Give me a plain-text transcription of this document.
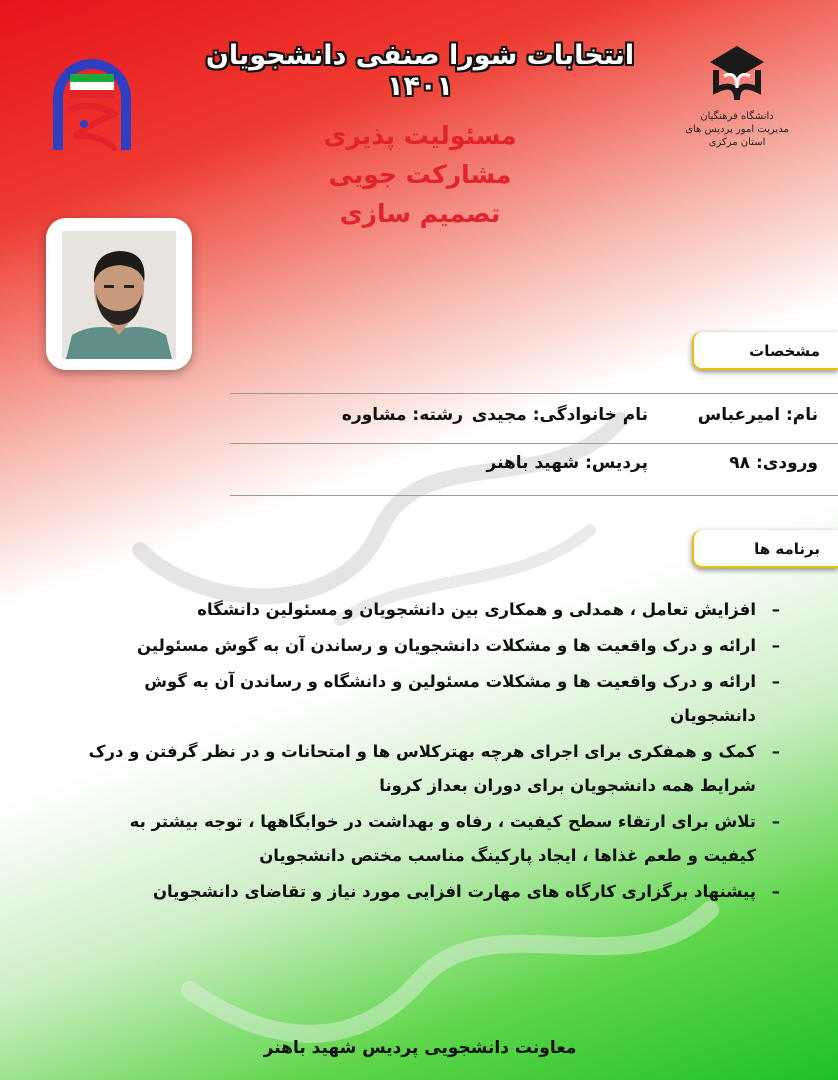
دانشگاه فرهنگیان
مدیریت امور پردیس های استان مرکزی
انتخابات شورا صنفی دانشجویان ۱۴۰۱
مسئولیت پذیری
مشارکت جویی
تصمیم سازی
مشخصات
نام: امیرعباس
نام خانوادگی: مجیدی
رشته: مشاوره
ورودی: ۹۸
پردیس: شهید باهنر
برنامه ها
– افزایش تعامل ، همدلی و همکاری بین دانشجویان و مسئولین دانشگاه
– ارائه و درک واقعیت ها و مشکلات دانشجویان و رساندن آن به گوش مسئولین
– ارائه و درک واقعیت ها و مشکلات مسئولین و دانشگاه و رساندن آن به گوش دانشجویان
– کمک و همفکری برای اجرای هرچه بهترکلاس ها و امتحانات و در نظر گرفتن و درک شرایط همه دانشجویان برای دوران بعداز کرونا
– تلاش برای ارتقاء سطح کیفیت ، رفاه و بهداشت در خوابگاهها ، توجه بیشتر به کیفیت و طعم غذاها ، ایجاد پارکینگ مناسب مختص دانشجویان
– پیشنهاد برگزاری کارگاه های مهارت افزایی مورد نیاز و تقاضای دانشجویان
معاونت دانشجویی پردیس شهید باهنر
